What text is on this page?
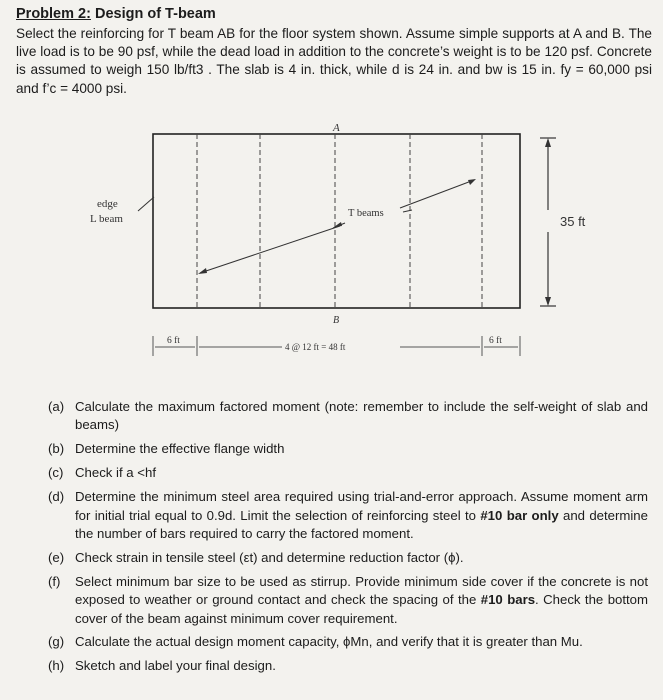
Problem 2: Design of T-beam
Select the reinforcing for T beam AB for the floor system shown. Assume simple supports at A and B. The live load is to be 90 psf, while the dead load in addition to the concrete’s weight is to be 120 psf. Concrete is assumed to weigh 150 lb/ft3 . The slab is 4 in. thick, while d is 24 in. and bw is 15 in. fy = 60,000 psi and f’c = 4000 psi.
A
B
edge
L beam	T beams
35 ft
6 ft	6 ft
4 @ 12 ft = 48 ft
(a) Calculate the maximum factored moment (note: remember to include the self-weight of slab and beams)
(b) Determine the effective flange width
(c) Check if a <hf
(d) Determine the minimum steel area required using trial-and-error approach. Assume moment arm for initial trial equal to 0.9d. Limit the selection of reinforcing steel to #10 bar only and determine the number of bars required to carry the factored moment.
(e) Check strain in tensile steel (εt) and determine reduction factor (ϕ).
(f)	Select minimum bar size to be used as stirrup. Provide minimum side cover if the concrete is not exposed to weather or ground contact and check the spacing of the #10 bars. Check the bottom cover of the beam against minimum cover requirement.
(g) Calculate the actual design moment capacity, ϕMn, and verify that it is greater than Mu.
(h) Sketch and label your final design.
